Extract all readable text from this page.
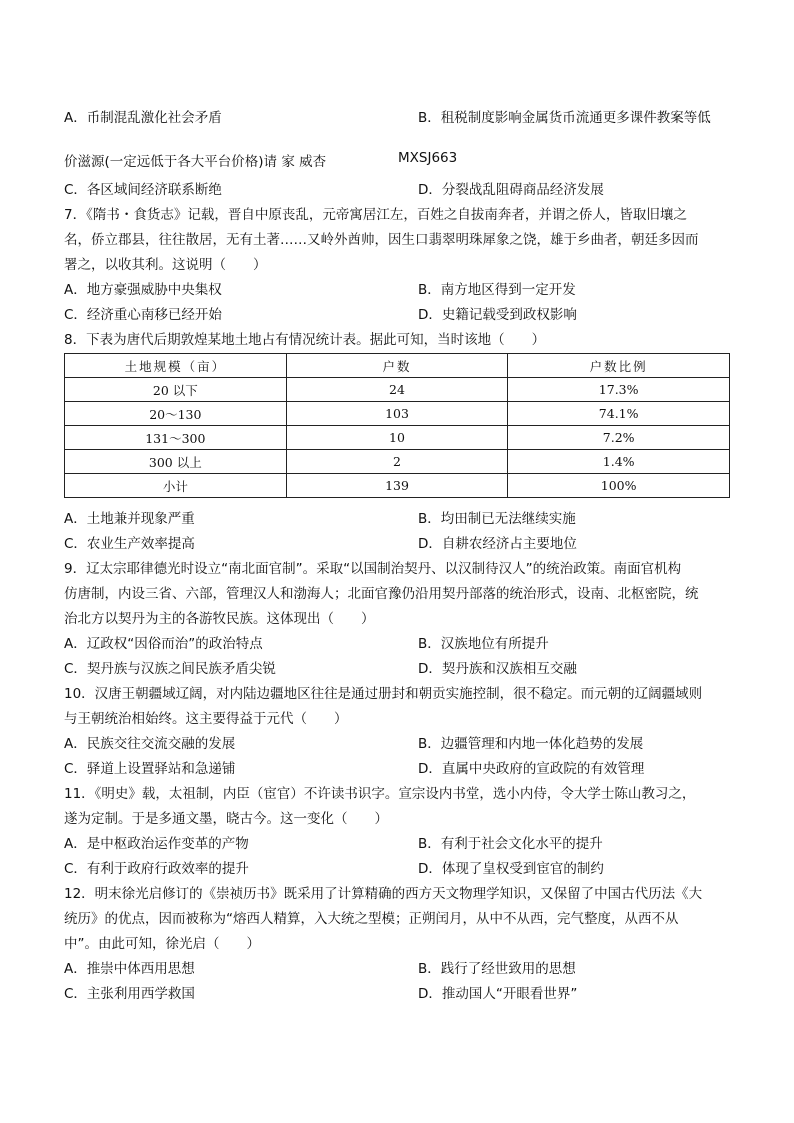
A．币制混乱激化社会矛盾	B．租税制度影响金属货币流通更多课件教案等低
价滋源(一定远低于各大平台价格)请 家 威杏	MXSJ663
C．各区域间经济联系断绝	D．分裂战乱阻碍商品经济发展
7．《隋书・食货志》记载，晋自中原丧乱，元帝寓居江左，百姓之自拔南奔者，并谓之侨人，皆取旧壤之
名，侨立郡县，往往散居，无有土著……又岭外酋帅，因生口翡翠明珠犀象之饶，雄于乡曲者，朝廷多因而
署之，以收其利。这说明（　　）
A．地方豪强威胁中央集权	B．南方地区得到一定开发
C．经济重心南移已经开始	D．史籍记载受到政权影响
8．下表为唐代后期敦煌某地土地占有情况统计表。据此可知，当时该地（　　）
土地规模（亩）	户数	户数比例
20 以下	24	17.3%
20～130	103	74.1%
131～300	10	7.2%
300 以上	2	1.4%
小计	139	100%
A．土地兼并现象严重	B．均田制已无法继续实施
C．农业生产效率提高	D．自耕农经济占主要地位
9．辽太宗耶律德光时设立“南北面官制”。采取“以国制治契丹、以汉制待汉人”的统治政策。南面官机构
仿唐制，内设三省、六部，管理汉人和渤海人；北面官豫仍沿用契丹部落的统治形式，设南、北枢密院，统
治北方以契丹为主的各游牧民族。这体现出（　　）
A．辽政权“因俗而治”的政治特点	B．汉族地位有所提升
C．契丹族与汉族之间民族矛盾尖锐	D．契丹族和汉族相互交融
10．汉唐王朝疆域辽阔，对内陆边疆地区往往是通过册封和朝贡实施控制，很不稳定。而元朝的辽阔疆域则
与王朝统治相始终。这主要得益于元代（　　）
A．民族交往交流交融的发展	B．边疆管理和内地一体化趋势的发展
C．驿道上设置驿站和急递铺	D．直属中央政府的宣政院的有效管理
11．《明史》载，太祖制，内臣（宦官）不许读书识字。宣宗设内书堂，选小内侍，令大学士陈山教习之，
遂为定制。于是多通文墨，晓古今。这一变化（　　）
A．是中枢政治运作变革的产物	B．有利于社会文化水平的提升
C．有利于政府行政效率的提升	D．体现了皇权受到宦官的制约
12．明末徐光启修订的《崇祯历书》既采用了计算精确的西方天文物理学知识，又保留了中国古代历法《大
统历》的优点，因而被称为“熔西人精算，入大统之型模；正朔闰月，从中不从西，完气整度，从西不从
中”。由此可知，徐光启（　　）
A．推崇中体西用思想	B．践行了经世致用的思想
C．主张利用西学救国	D．推动国人“开眼看世界”
